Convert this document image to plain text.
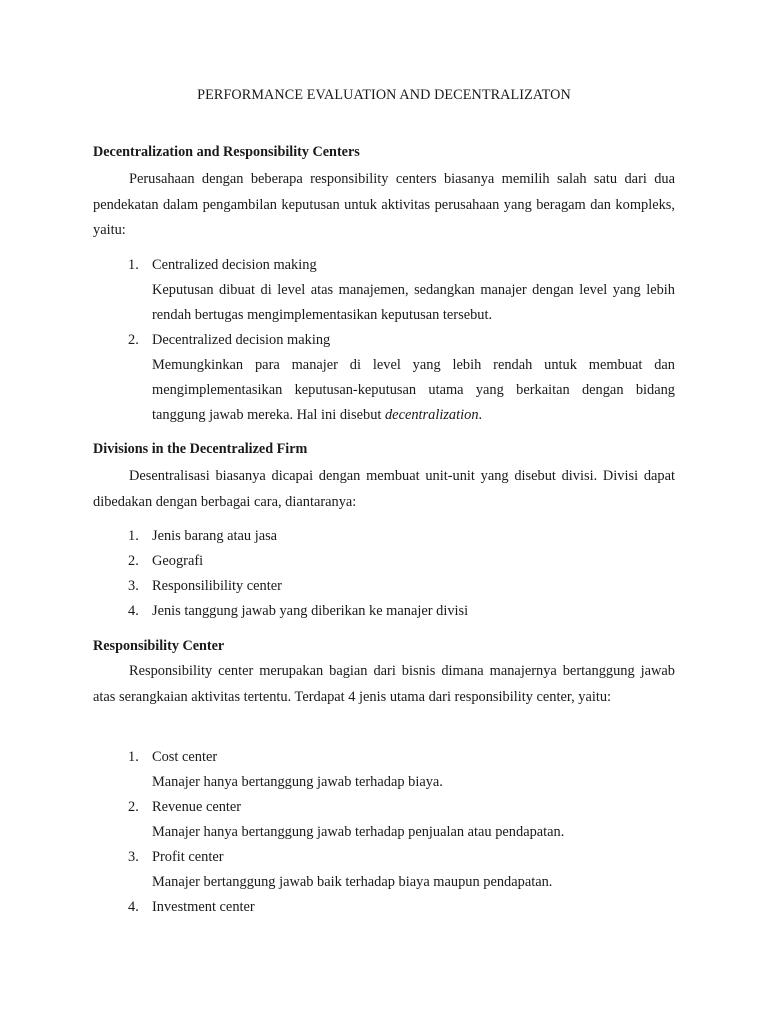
PERFORMANCE EVALUATION AND DECENTRALIZATON
Decentralization and Responsibility Centers
Perusahaan dengan beberapa responsibility centers biasanya memilih salah satu dari dua pendekatan dalam pengambilan keputusan untuk aktivitas perusahaan yang beragam dan kompleks, yaitu:
1. Centralized decision making
Keputusan dibuat di level atas manajemen, sedangkan manajer dengan level yang lebih rendah bertugas mengimplementasikan keputusan tersebut.
2. Decentralized decision making
Memungkinkan para manajer di level yang lebih rendah untuk membuat dan mengimplementasikan keputusan-keputusan utama yang berkaitan dengan bidang tanggung jawab mereka. Hal ini disebut decentralization.
Divisions in the Decentralized Firm
Desentralisasi biasanya dicapai dengan membuat unit-unit yang disebut divisi. Divisi dapat dibedakan dengan berbagai cara, diantaranya:
1. Jenis barang atau jasa
2. Geografi
3. Responsilibility center
4. Jenis tanggung jawab yang diberikan ke manajer divisi
Responsibility Center
Responsibility center merupakan bagian dari bisnis dimana manajernya bertanggung jawab atas serangkaian aktivitas tertentu. Terdapat 4 jenis utama dari responsibility center, yaitu:
1. Cost center
Manajer hanya bertanggung jawab terhadap biaya.
2. Revenue center
Manajer hanya bertanggung jawab terhadap penjualan atau pendapatan.
3. Profit center
Manajer bertanggung jawab baik terhadap biaya maupun pendapatan.
4. Investment center
